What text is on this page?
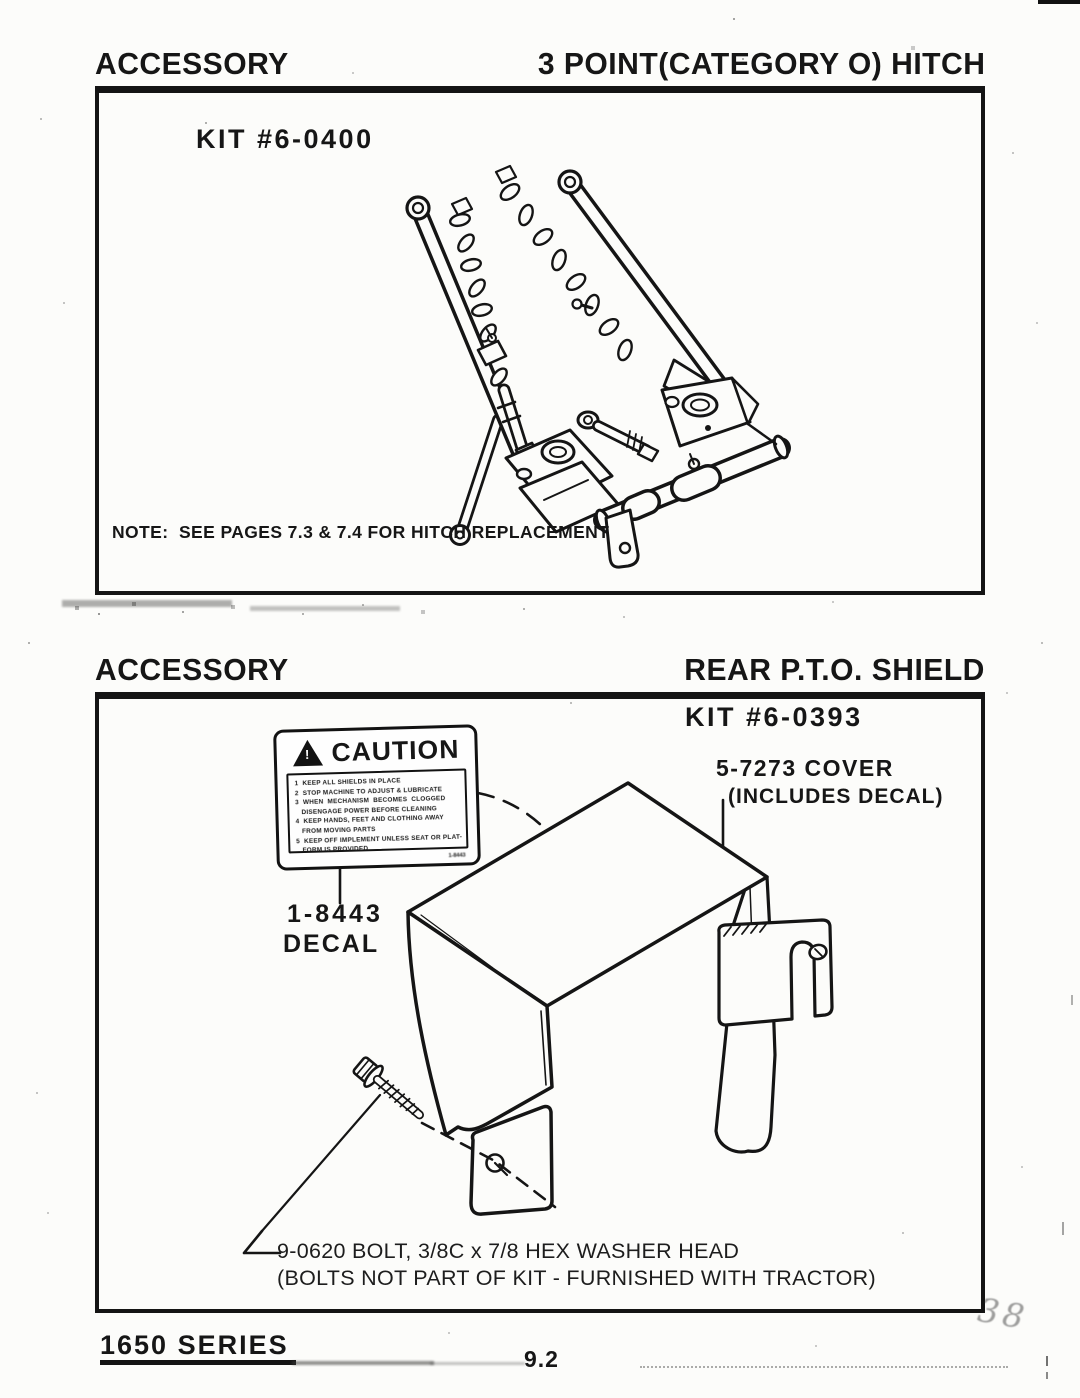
ACCESSORY	3 POINT(CATEGORY O) HITCH
KIT #6-0400
NOTE:  SEE PAGES 7.3 & 7.4 FOR HITCH REPLACEMENT
ACCESSORY	REAR P.T.O. SHIELD
KIT #6-0393
5-7273 COVER
(INCLUDES DECAL)
! CAUTION
1  KEEP ALL SHIELDS IN PLACE
2  STOP MACHINE TO ADJUST & LUBRICATE
3  WHEN  MECHANISM  BECOMES  CLOGGED
DISENGAGE POWER BEFORE CLEANING
4  KEEP HANDS, FEET AND CLOTHING AWAY
FROM MOVING PARTS
5  KEEP OFF IMPLEMENT UNLESS SEAT OR PLAT-
FORM IS PROVIDED
1-8443
1-8443
DECAL
9-0620 BOLT, 3/8C x 7/8 HEX WASHER HEAD
(BOLTS NOT PART OF KIT - FURNISHED WITH TRACTOR)
1650 SERIES	9.2
38
